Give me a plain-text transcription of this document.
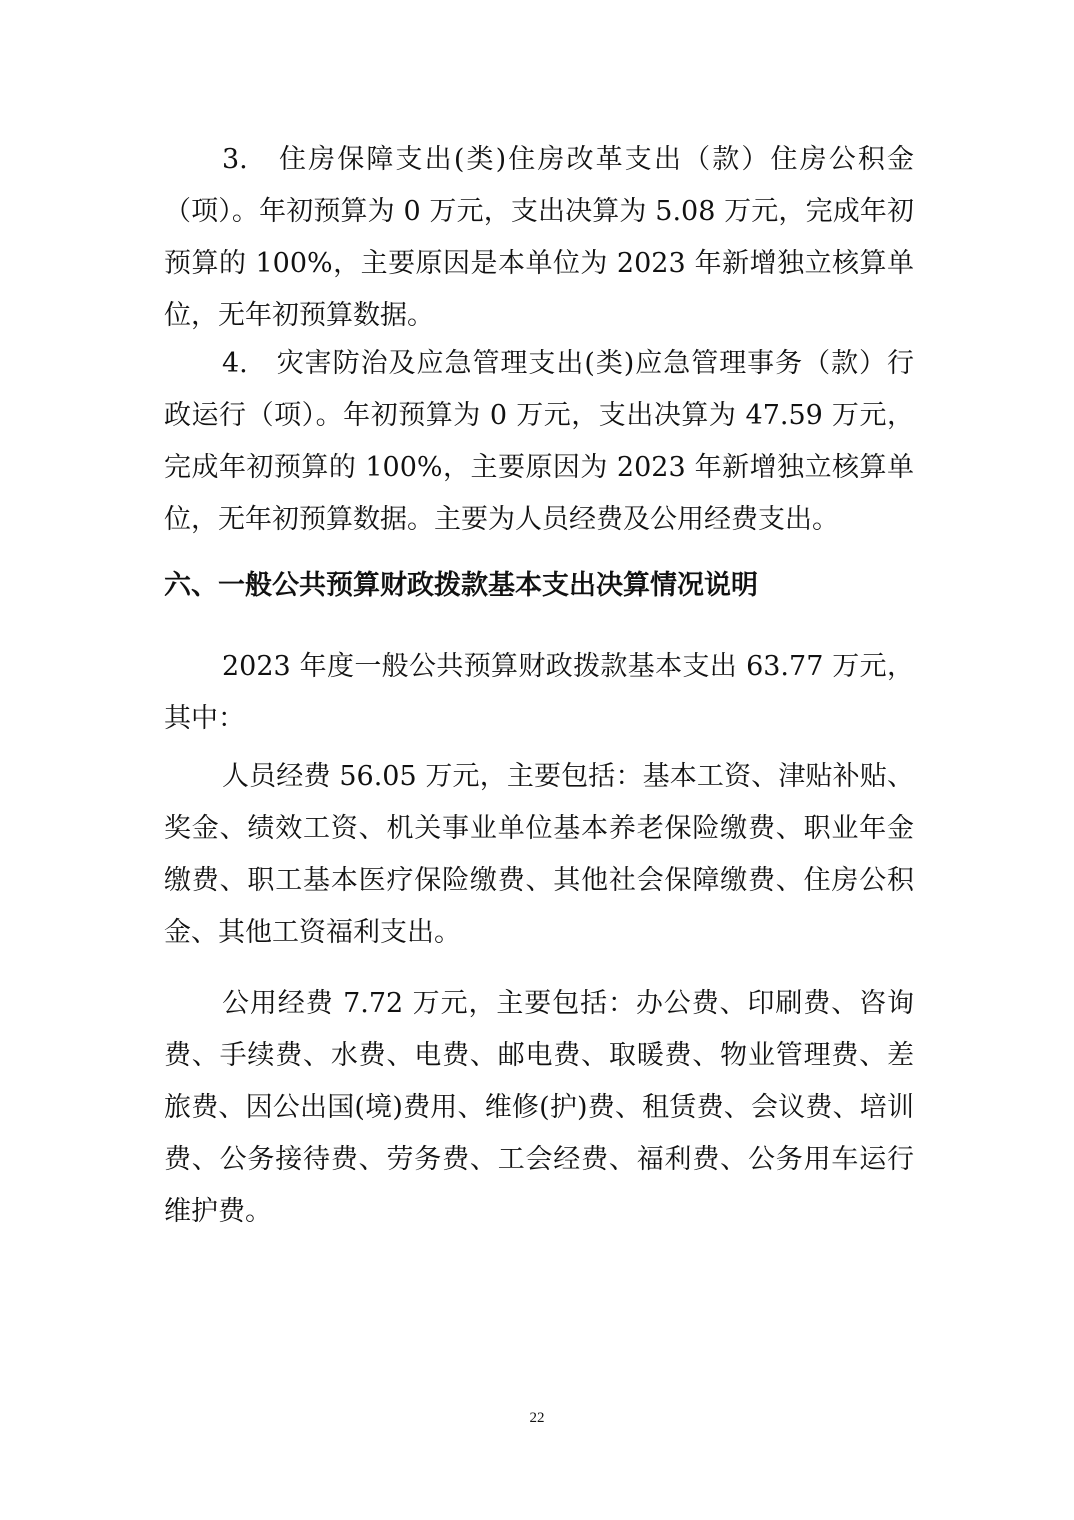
3.　住房保障支出(类)住房改革支出（款）住房公积金（项）。年初预算为 0 万元，支出决算为 5.08 万元，完成年初预算的 100%，主要原因是本单位为 2023 年新增独立核算单位，无年初预算数据。

4.　灾害防治及应急管理支出(类)应急管理事务（款）行政运行（项）。年初预算为 0 万元，支出决算为 47.59 万元，完成年初预算的 100%，主要原因为 2023 年新增独立核算单位，无年初预算数据。主要为人员经费及公用经费支出。

六、一般公共预算财政拨款基本支出决算情况说明

2023 年度一般公共预算财政拨款基本支出 63.77 万元，其中：

人员经费 56.05 万元，主要包括：基本工资、津贴补贴、奖金、绩效工资、机关事业单位基本养老保险缴费、职业年金缴费、职工基本医疗保险缴费、其他社会保障缴费、住房公积金、其他工资福利支出。

公用经费 7.72 万元，主要包括：办公费、印刷费、咨询费、手续费、水费、电费、邮电费、取暖费、物业管理费、差旅费、因公出国(境)费用、维修(护)费、租赁费、会议费、培训费、公务接待费、劳务费、工会经费、福利费、公务用车运行维护费。

22
